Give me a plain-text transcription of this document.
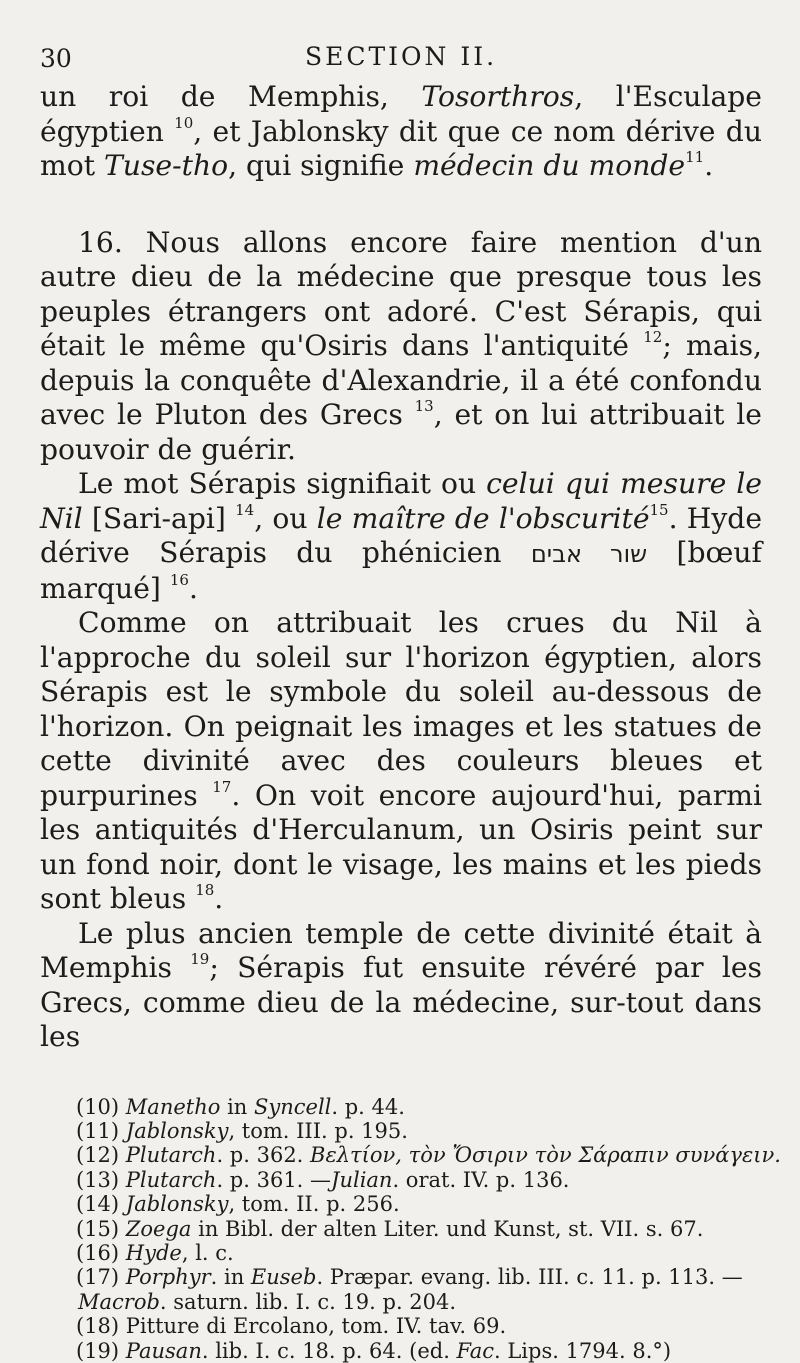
30	SECTION II.

un roi de Memphis, Tosorthros, l'Esculape égyptien $^{10}$, et Jablonsky dit que ce nom dérive du mot Tuse-tho, qui signifie médecin du monde$^{11}$.

16. Nous allons encore faire mention d'un autre dieu de la médecine que presque tous les peuples étrangers ont adoré. C'est Sérapis, qui était le même qu'Osiris dans l'antiquité $^{12}$; mais, depuis la conquête d'Alexandrie, il a été confondu avec le Pluton des Grecs $^{13}$, et on lui attribuait le pouvoir de guérir.

Le mot Sérapis signifiait ou celui qui mesure le Nil [Sari-api] $^{14}$, ou le maître de l'obscurité$^{15}$. Hyde dérive Sérapis du phénicien שור אבים [bœuf marqué] $^{16}$.

Comme on attribuait les crues du Nil à l'approche du soleil sur l'horizon égyptien, alors Sérapis est le symbole du soleil au-dessous de l'horizon. On peignait les images et les statues de cette divinité avec des couleurs bleues et purpurines $^{17}$. On voit encore aujourd'hui, parmi les antiquités d'Herculanum, un Osiris peint sur un fond noir, dont le visage, les mains et les pieds sont bleus $^{18}$.

Le plus ancien temple de cette divinité était à Memphis $^{19}$; Sérapis fut ensuite révéré par les Grecs, comme dieu de la médecine, sur-tout dans les

(10) Manetho in Syncell. p. 44.
(11) Jablonsky, tom. III. p. 195.
(12) Plutarch. p. 362. Βελτίον, τὸν Ὄσιριν τὸν Σάραπιν συνάγειν.
(13) Plutarch. p. 361. —Julian. orat. IV. p. 136.
(14) Jablonsky, tom. II. p. 256.
(15) Zoega in Bibl. der alten Liter. und Kunst, st. VII. s. 67.
(16) Hyde, l. c.
(17) Porphyr. in Euseb. Præpar. evang. lib. III. c. 11. p. 113. —
Macrob. saturn. lib. I. c. 19. p. 204.
(18) Pitture di Ercolano, tom. IV. tav. 69.
(19) Pausan. lib. I. c. 18. p. 64. (ed. Fac. Lips. 1794. 8.°)
